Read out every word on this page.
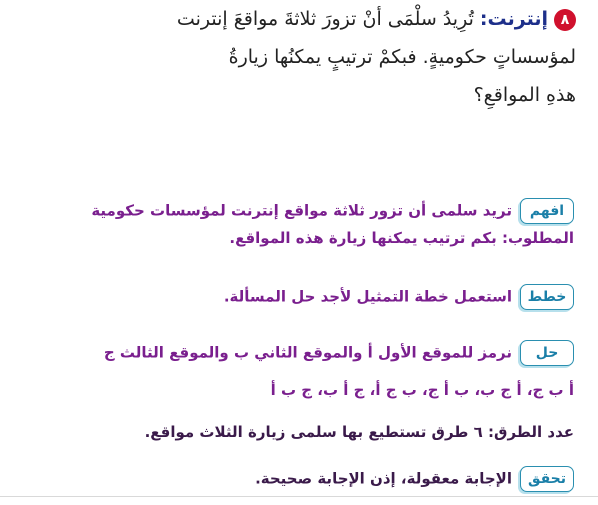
٨إنترنت: تُرِيدُ سلْمَى أنْ تزورَ ثلاثةَ مواقعَ إنترنت
لمؤسساتٍ حكوميةٍ. فبكمْ ترتيبٍ يمكنُها زيارةُ
هذهِ المواقعِ؟
افهمتريد سلمى أن تزور ثلاثة مواقع إنترنت لمؤسسات حكومية
المطلوب: بكم ترتيب يمكنها زيارة هذه المواقع.
خططاستعمل خطة التمثيل لأجد حل المسألة.
حلنرمز للموقع الأول أ والموقع الثاني ب والموقع الثالث ج
أ ب ج، أ ج ب، ب أ ج، ب ج أ، ج أ ب، ج ب أ
عدد الطرق: ٦ طرق تستطيع بها سلمى زيارة الثلاث مواقع.
تحققالإجابة معقولة، إذن الإجابة صحيحة.
